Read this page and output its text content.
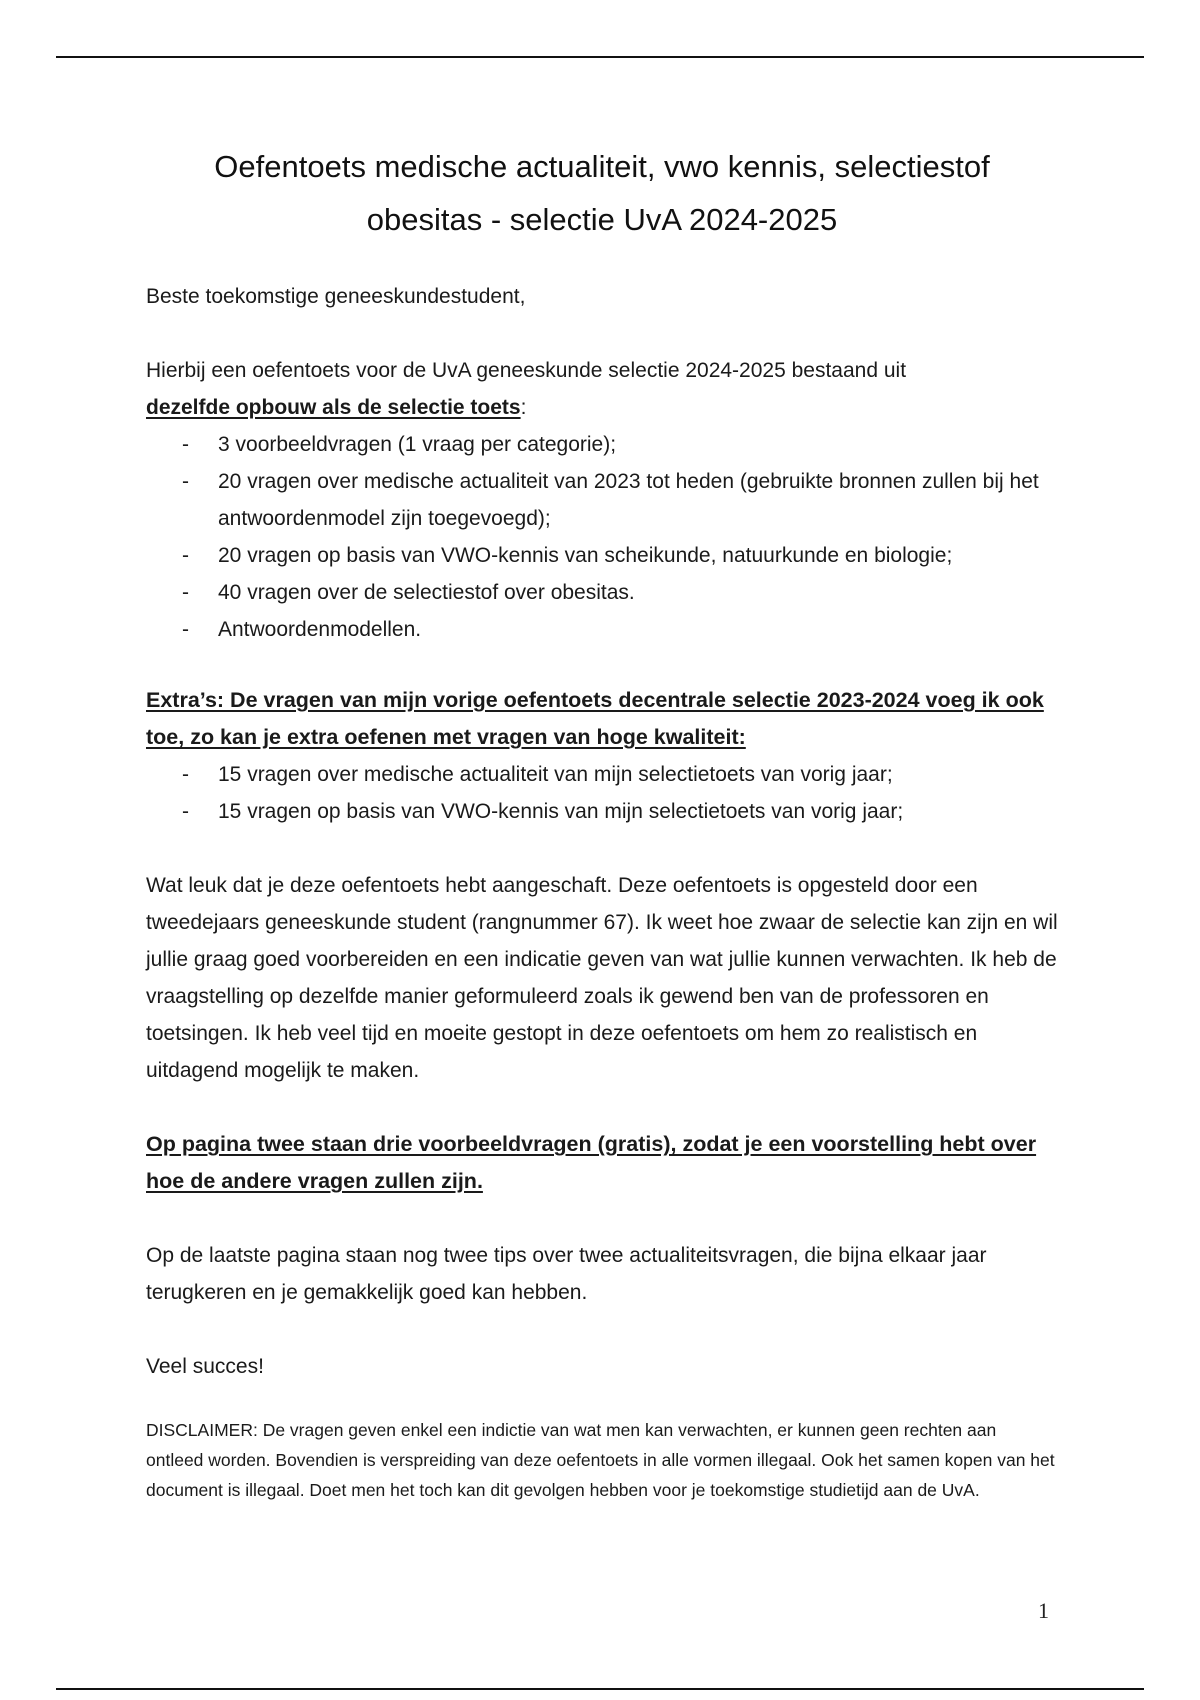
Oefentoets medische actualiteit, vwo kennis, selectiestof
obesitas - selectie UvA 2024-2025

Beste toekomstige geneeskundestudent,

Hierbij een oefentoets voor de UvA geneeskunde selectie 2024-2025 bestaand uit
dezelfde opbouw als de selectie toets:

- 3 voorbeeldvragen (1 vraag per categorie);
- 20 vragen over medische actualiteit van 2023 tot heden (gebruikte bronnen zullen bij het antwoordenmodel zijn toegevoegd);
- 20 vragen op basis van VWO-kennis van scheikunde, natuurkunde en biologie;
- 40 vragen over de selectiestof over obesitas.
- Antwoordenmodellen.

Extra’s: De vragen van mijn vorige oefentoets decentrale selectie 2023-2024 voeg ik ook toe, zo kan je extra oefenen met vragen van hoge kwaliteit:

- 15 vragen over medische actualiteit van mijn selectietoets van vorig jaar;
- 15 vragen op basis van VWO-kennis van mijn selectietoets van vorig jaar;

Wat leuk dat je deze oefentoets hebt aangeschaft. Deze oefentoets is opgesteld door een tweedejaars geneeskunde student (rangnummer 67). Ik weet hoe zwaar de selectie kan zijn en wil jullie graag goed voorbereiden en een indicatie geven van wat jullie kunnen verwachten. Ik heb de vraagstelling op dezelfde manier geformuleerd zoals ik gewend ben van de professoren en toetsingen. Ik heb veel tijd en moeite gestopt in deze oefentoets om hem zo realistisch en uitdagend mogelijk te maken.

Op pagina twee staan drie voorbeeldvragen (gratis), zodat je een voorstelling hebt over hoe de andere vragen zullen zijn.

Op de laatste pagina staan nog twee tips over twee actualiteitsvragen, die bijna elkaar jaar terugkeren en je gemakkelijk goed kan hebben.

Veel succes!

DISCLAIMER: De vragen geven enkel een indictie van wat men kan verwachten, er kunnen geen rechten aan ontleed worden. Bovendien is verspreiding van deze oefentoets in alle vormen illegaal. Ook het samen kopen van het document is illegaal. Doet men het toch kan dit gevolgen hebben voor je toekomstige studietijd aan de UvA.

1
